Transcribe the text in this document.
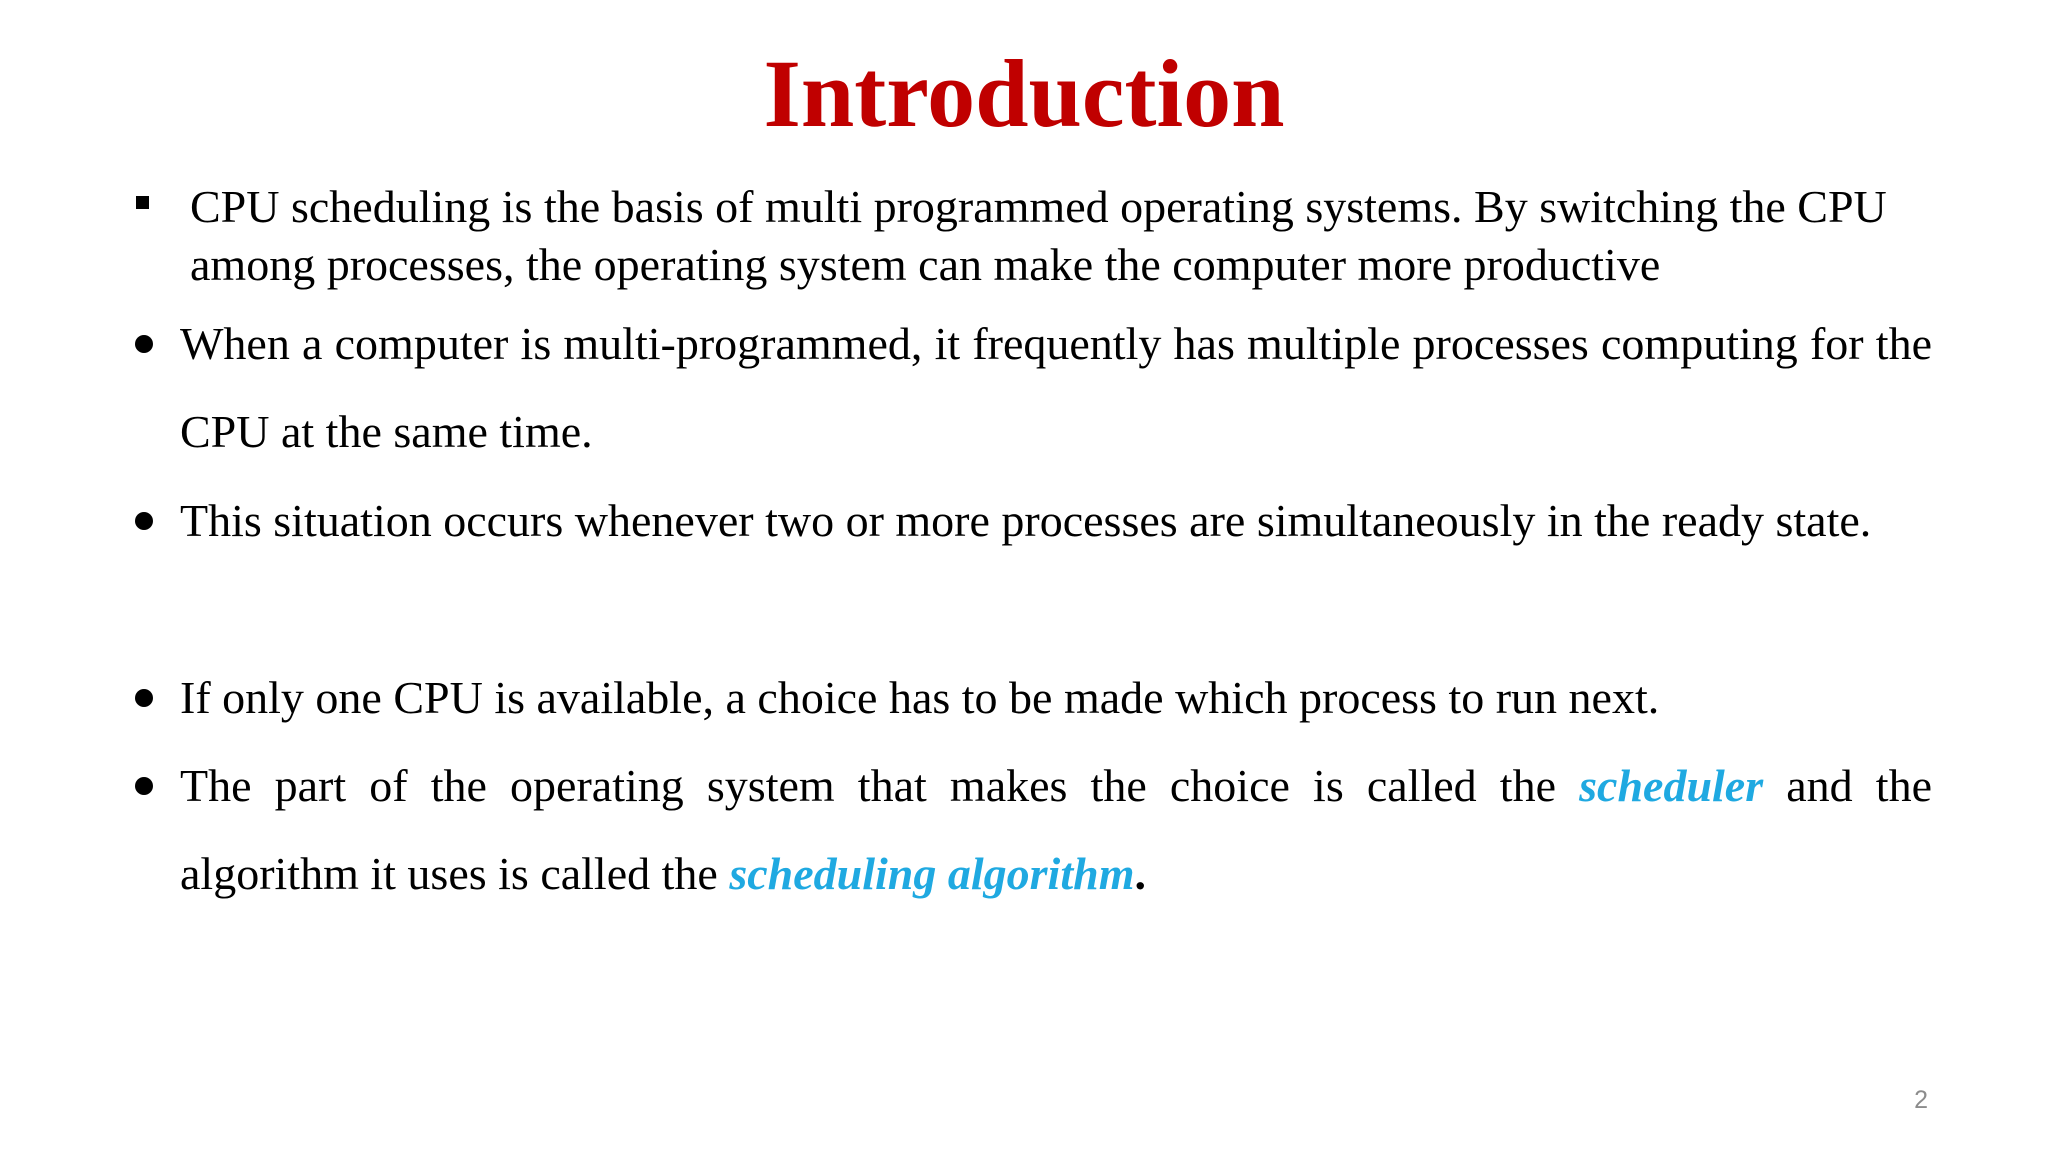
Introduction
CPU scheduling is the basis of multi programmed operating systems. By switching the CPU among processes, the operating system can make the computer more productive
When a computer is multi-programmed, it frequently has multiple processes computing for the CPU at the same time.
This situation occurs whenever two or more processes are simultaneously in the ready state.
If only one CPU is available, a choice has to be made which process to run next.
The part of the operating system that makes the choice is called the scheduler and the algorithm it uses is called the scheduling algorithm.
2
